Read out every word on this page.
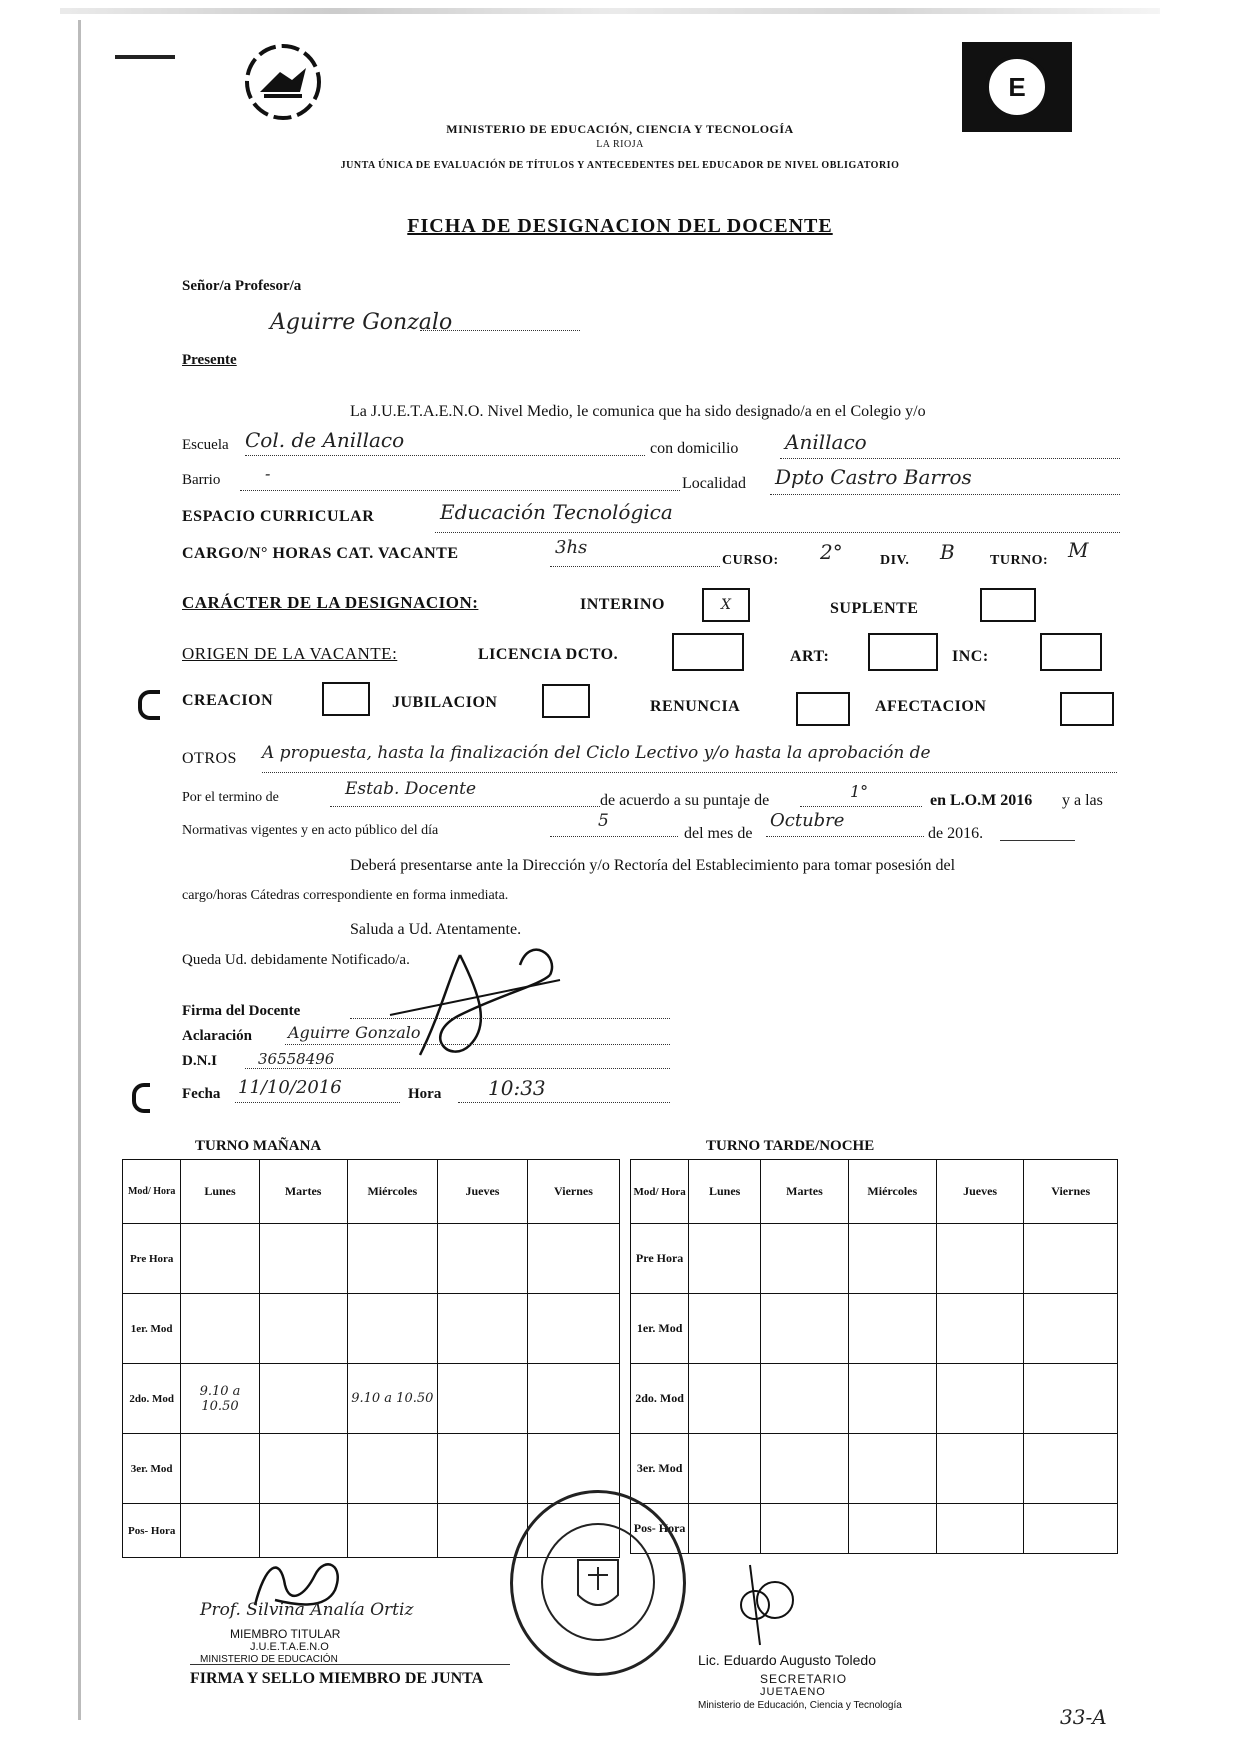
E
MINISTERIO DE EDUCACIÓN, CIENCIA Y TECNOLOGÍA
LA RIOJA
JUNTA ÚNICA DE EVALUACIÓN DE TÍTULOS Y ANTECEDENTES DEL EDUCADOR DE NIVEL OBLIGATORIO
FICHA DE DESIGNACION DEL DOCENTE
Señor/a Profesor/a
Aguirre Gonzalo
Presente
La J.U.E.T.A.E.N.O. Nivel Medio, le comunica que ha sido designado/a en el Colegio y/o
Escuela Col. de Anillaco	con domicilio Anillaco
Barrio	-
Localidad Dpto Castro Barros
ESPACIO CURRICULAR	Educación Tecnológica
CARGO/N° HORAS CAT. VACANTE	3hs
CURSO: 2°	DIV. B	TURNO: M
CARÁCTER DE LA DESIGNACION:	INTERINO	X	SUPLENTE
ORIGEN DE LA VACANTE:	LICENCIA DCTO.	ART:	INC:
CREACION	JUBILACION	RENUNCIA	AFECTACION
OTROS A propuesta, hasta la finalización del Ciclo Lectivo y/o hasta la aprobación de
Por el termino de	Estab. Docente
de acuerdo a su puntaje de	1°	en L.O.M 2016 y a las
Normativas vigentes y en acto público del día	5
del mes de
Octubre
de 2016.
Deberá presentarse ante la Dirección y/o Rectoría del Establecimiento para tomar posesión del
cargo/horas Cátedras correspondiente en forma inmediata.
Saluda a Ud. Atentamente.
Queda Ud. debidamente Notificado/a.
Firma del Docente
Aclaración Aguirre Gonzalo
D.N.I	36558496
Fecha 11/10/2016	Hora 10:33
TURNO MAÑANA
Mod/ Hora	Lunes	Martes	Miércoles	Jueves	Viernes
Pre Hora					
1er. Mod					
2do. Mod	9.10 a 10.50		9.10 a 10.50		
3er. Mod					
Pos- Hora					
TURNO TARDE/NOCHE
Mod/ Hora	Lunes	Martes	Miércoles	Jueves	Viernes
Pre Hora					
1er. Mod					
2do. Mod					
3er. Mod					
Pos- Hora					
Prof. Silvina Analía Ortiz
MIEMBRO TITULAR
J.U.E.T.A.E.N.O
MINISTERIO DE EDUCACIÓN
FIRMA Y SELLO MIEMBRO DE JUNTA
Lic. Eduardo Augusto Toledo
SECRETARIO
JUETAENO
Ministerio de Educación, Ciencia y Tecnología	33-A
